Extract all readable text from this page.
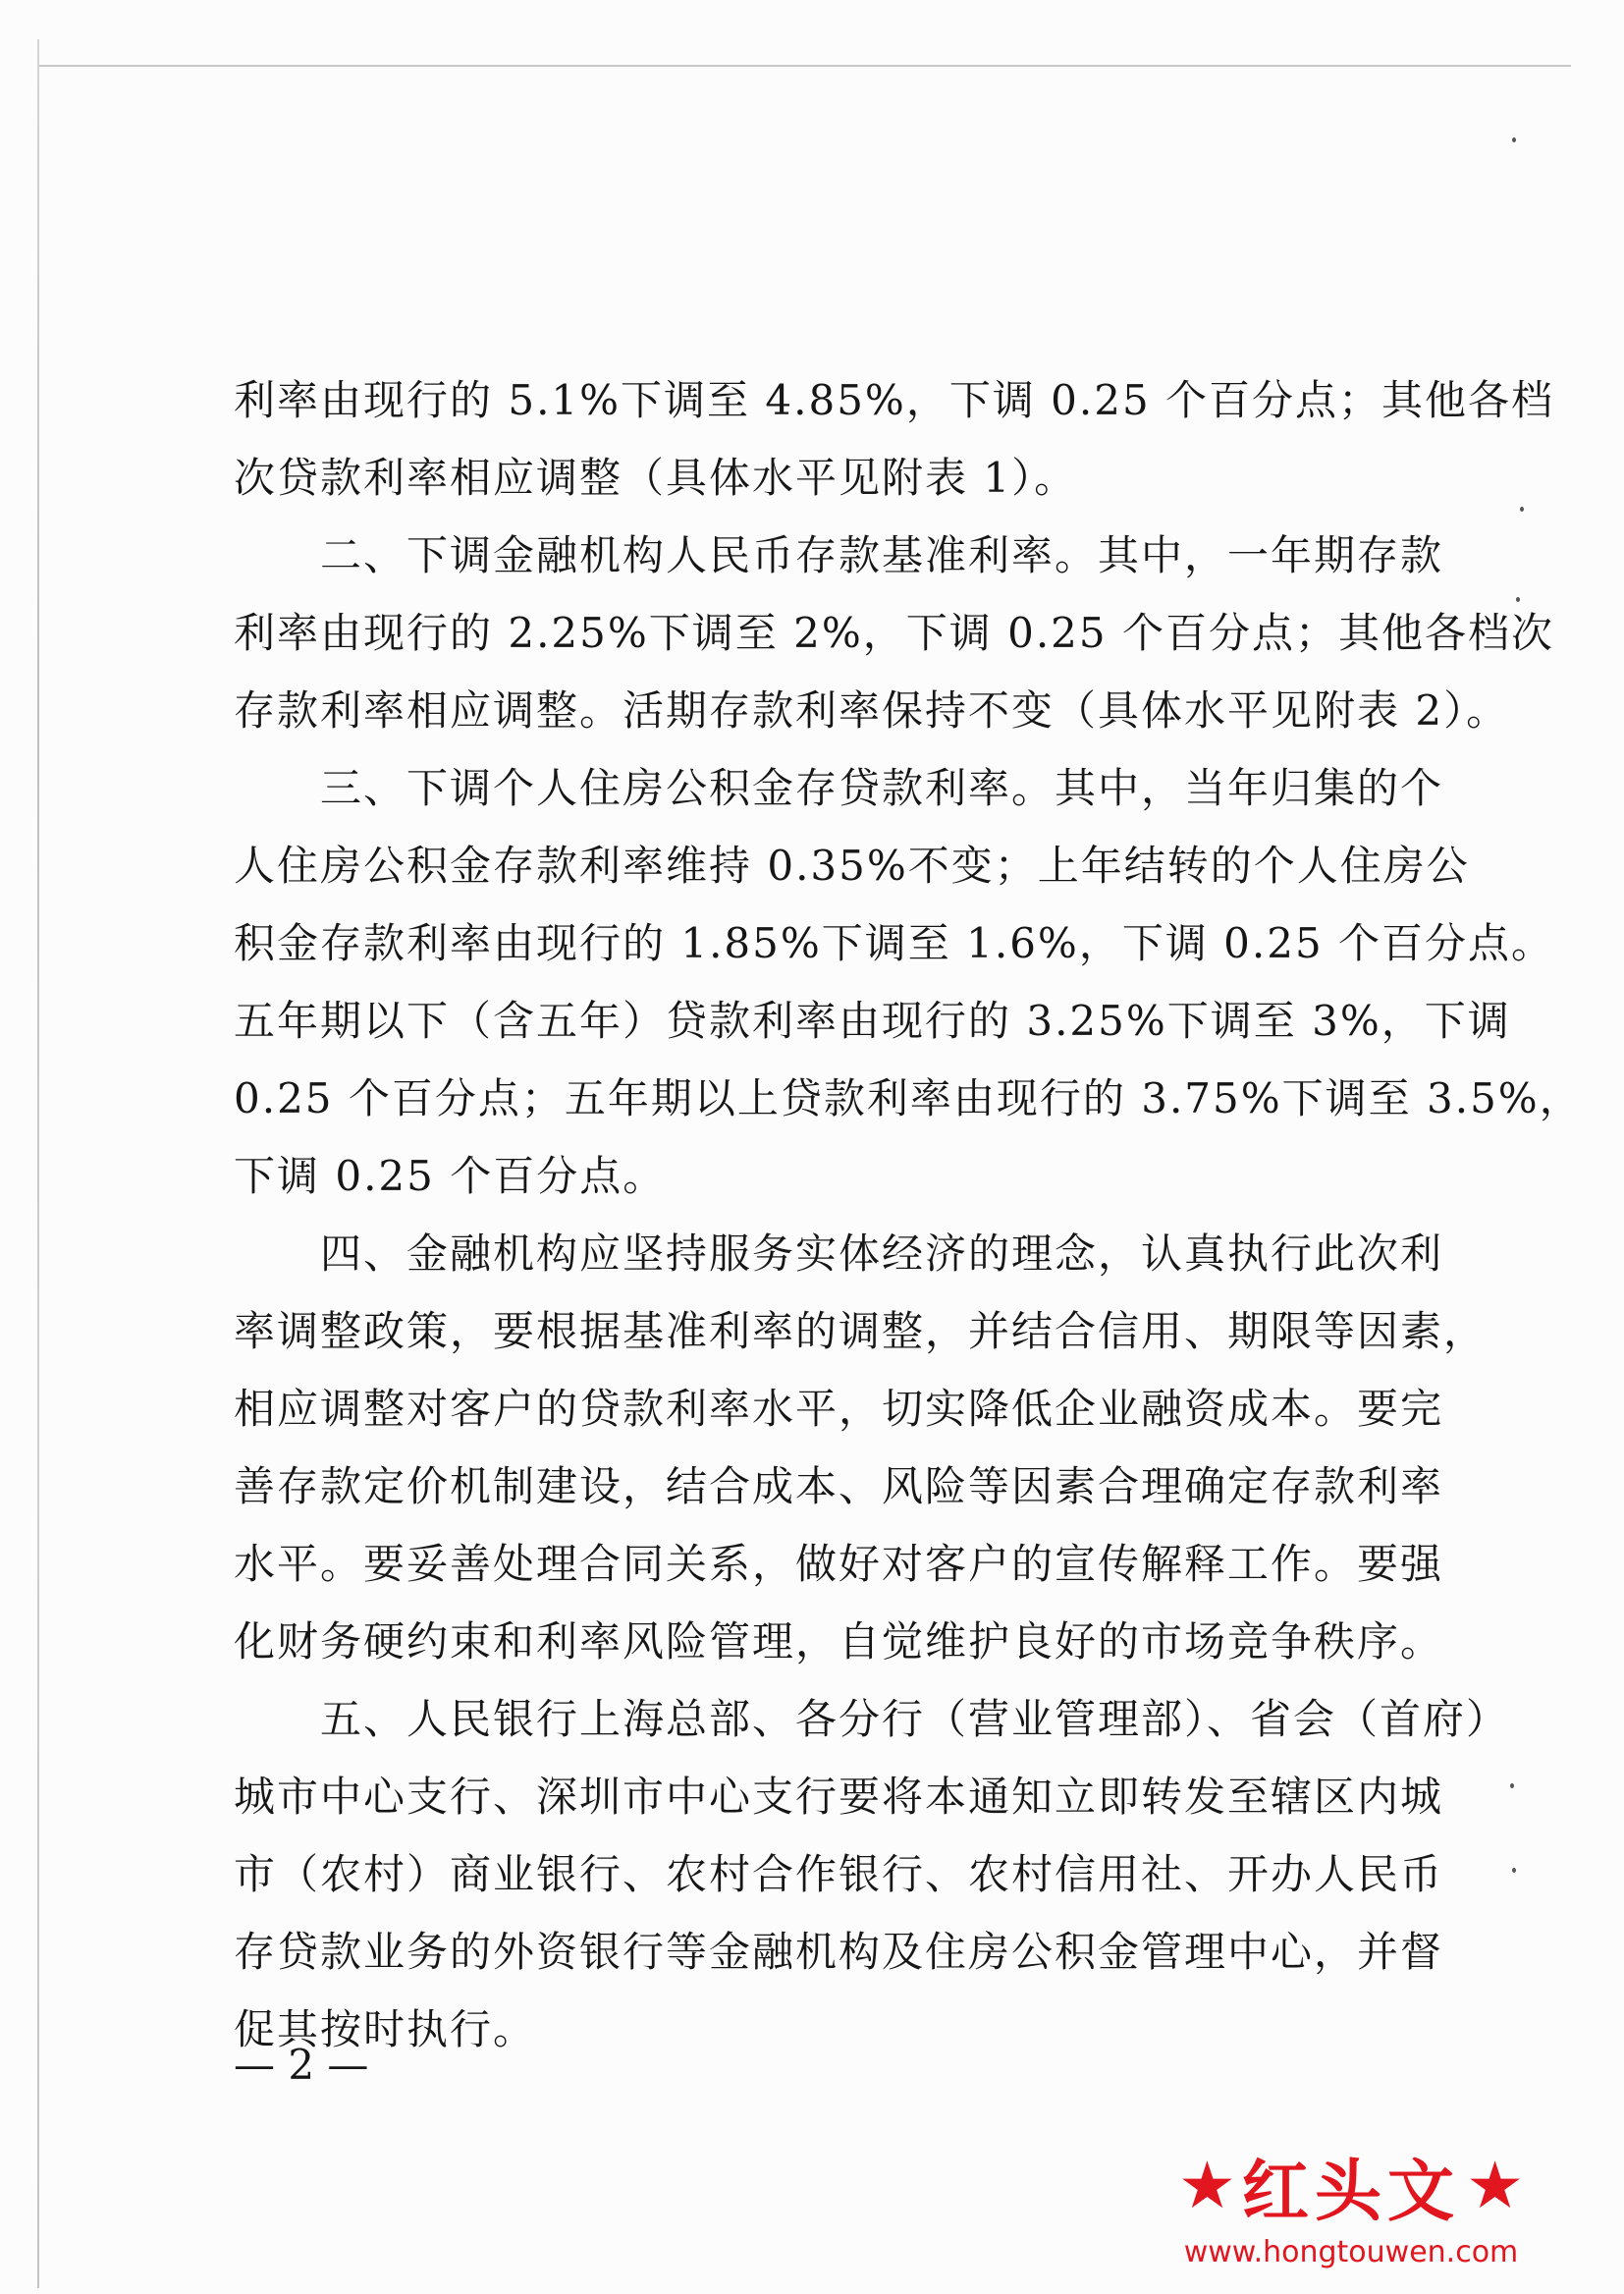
利率由现行的 5.1%下调至 4.85%，下调 0.25 个百分点；其他各档
次贷款利率相应调整（具体水平见附表 1）。
二、下调金融机构人民币存款基准利率。其中，一年期存款
利率由现行的 2.25%下调至 2%，下调 0.25 个百分点；其他各档次
存款利率相应调整。活期存款利率保持不变（具体水平见附表 2）。
三、下调个人住房公积金存贷款利率。其中，当年归集的个
人住房公积金存款利率维持 0.35%不变；上年结转的个人住房公
积金存款利率由现行的 1.85%下调至 1.6%，下调 0.25 个百分点。
五年期以下（含五年）贷款利率由现行的 3.25%下调至 3%，下调
0.25 个百分点；五年期以上贷款利率由现行的 3.75%下调至 3.5%，
下调 0.25 个百分点。
四、金融机构应坚持服务实体经济的理念，认真执行此次利
率调整政策，要根据基准利率的调整，并结合信用、期限等因素，
相应调整对客户的贷款利率水平，切实降低企业融资成本。要完
善存款定价机制建设，结合成本、风险等因素合理确定存款利率
水平。要妥善处理合同关系，做好对客户的宣传解释工作。要强
化财务硬约束和利率风险管理，自觉维护良好的市场竞争秩序。
五、人民银行上海总部、各分行（营业管理部）、省会（首府）
城市中心支行、深圳市中心支行要将本通知立即转发至辖区内城
市（农村）商业银行、农村合作银行、农村信用社、开办人民币
存贷款业务的外资银行等金融机构及住房公积金管理中心，并督
促其按时执行。
— 2 —
★ 红头文 ★
www.hongtouwen.com
